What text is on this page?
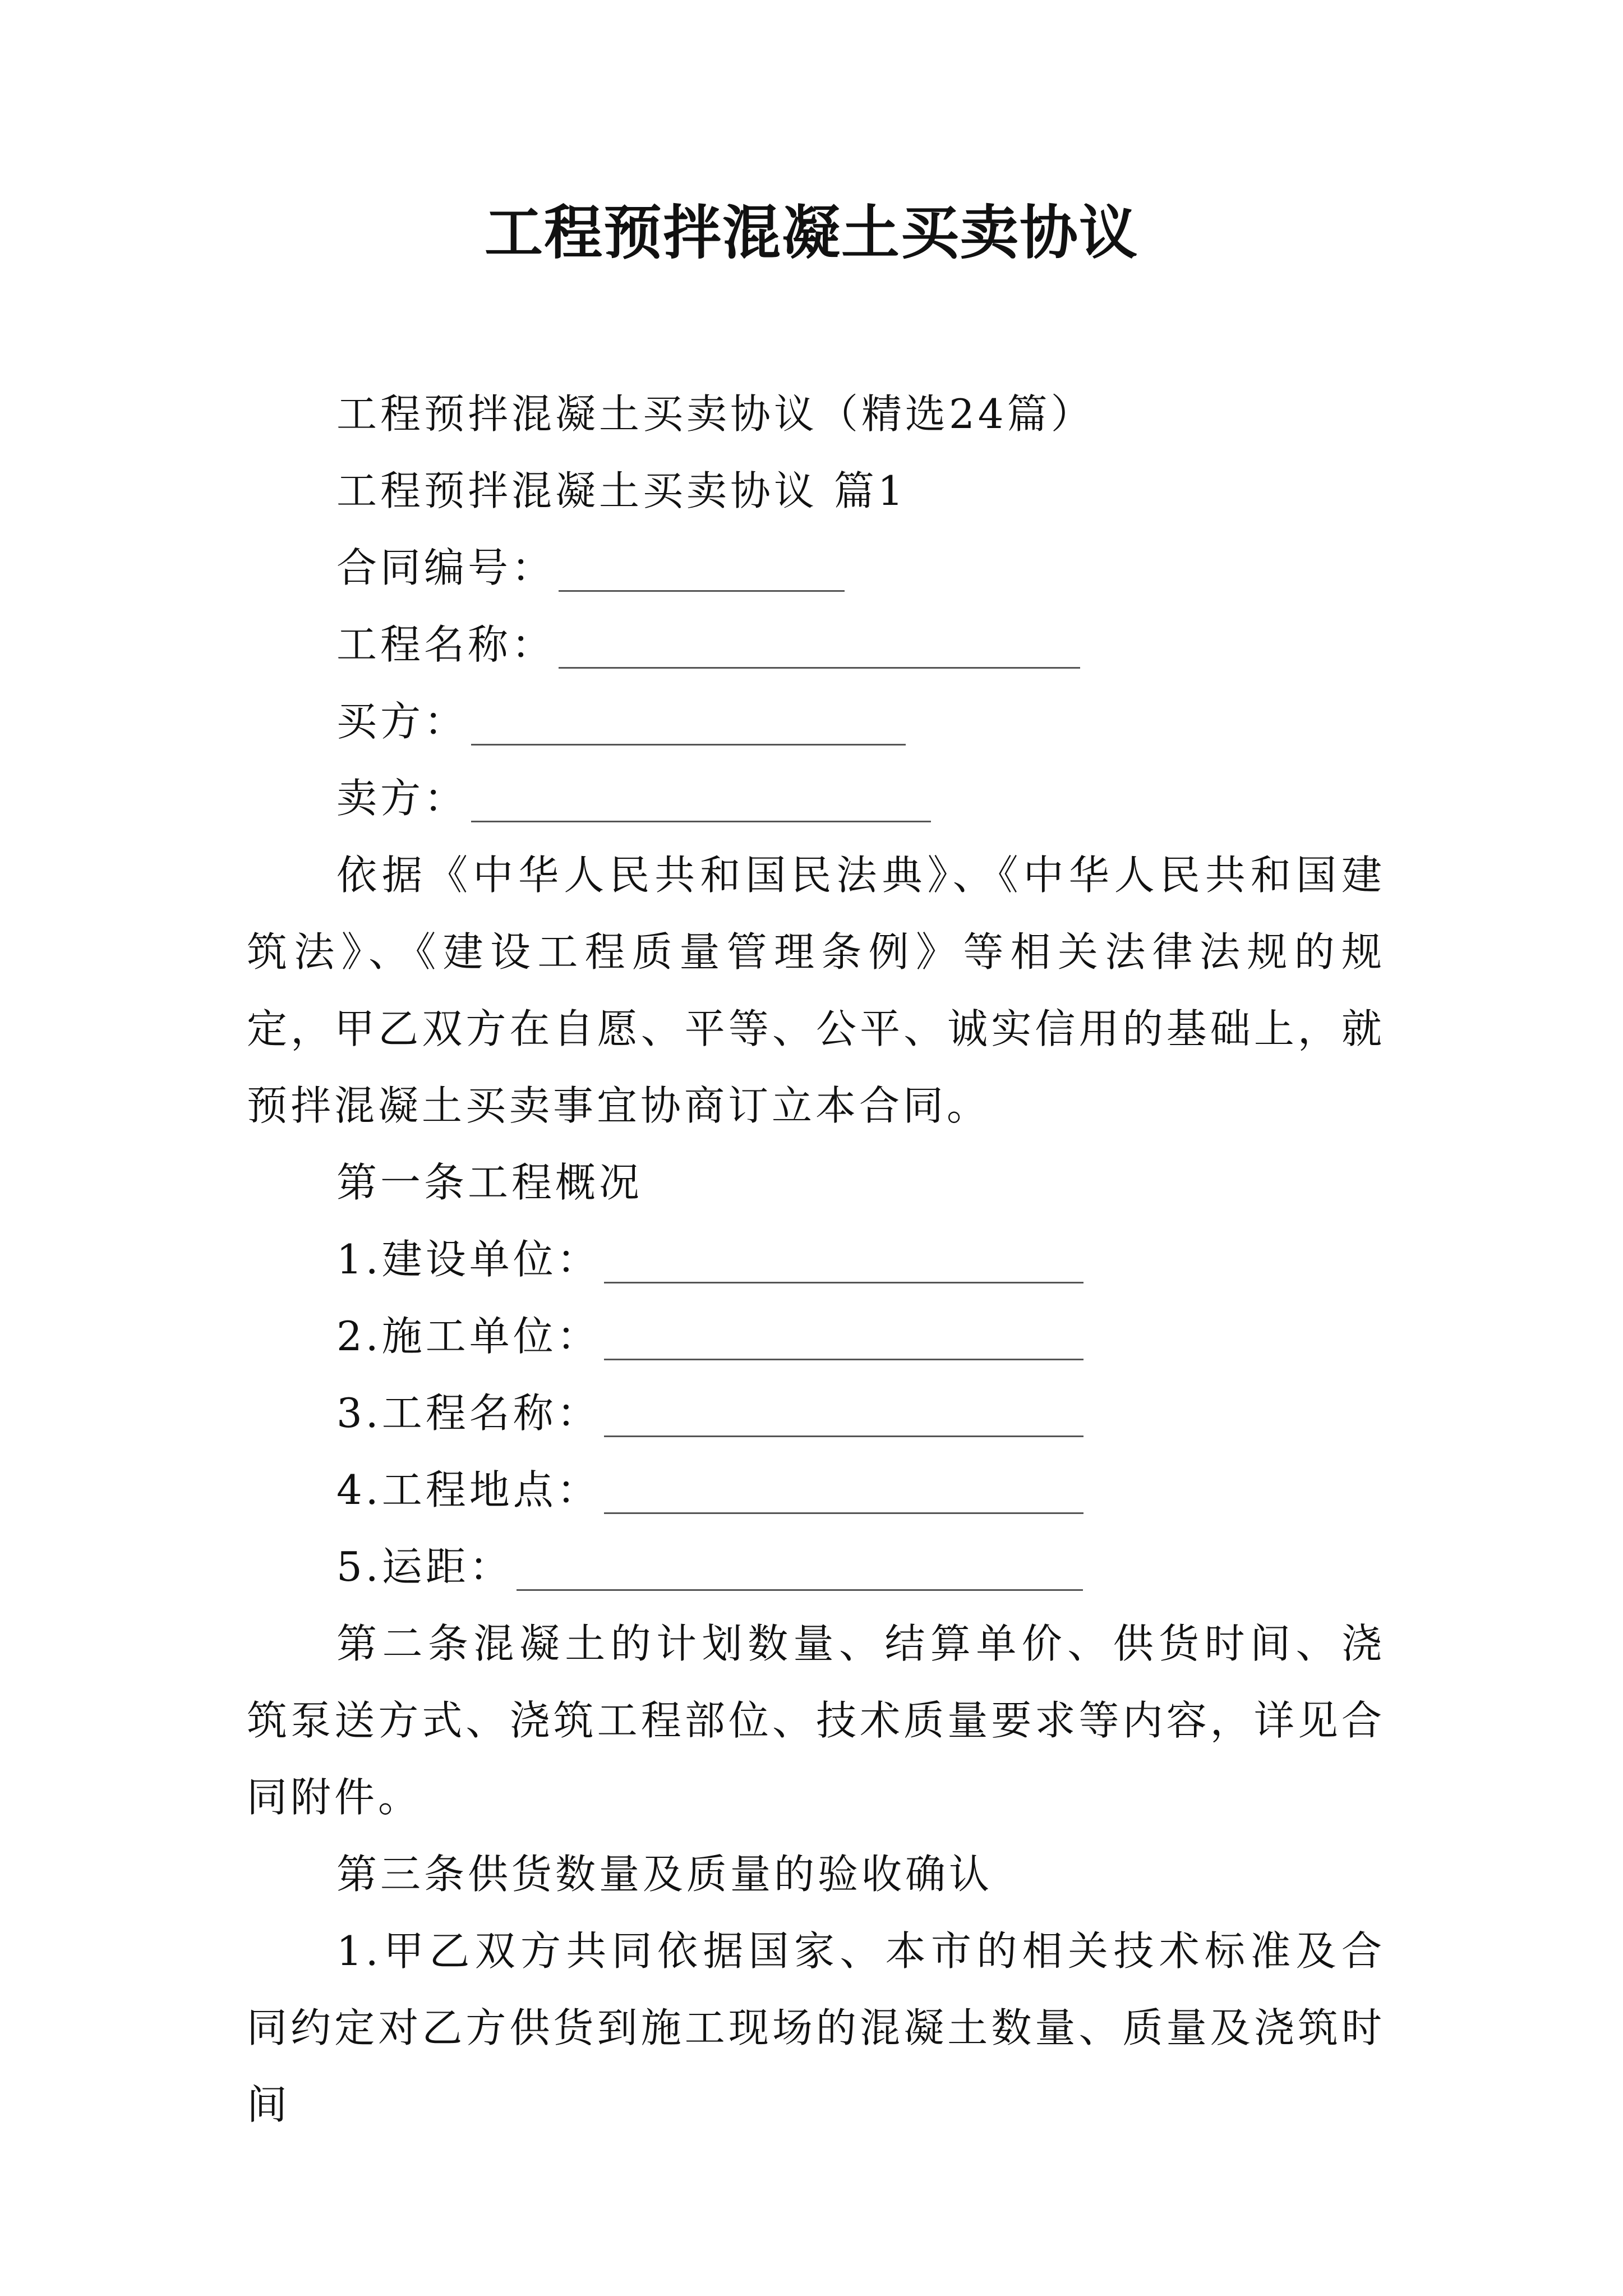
工程预拌混凝土买卖协议

工程预拌混凝土买卖协议（精选24篇）

工程预拌混凝土买卖协议 篇1

合同编号：
工程名称：
买方：
卖方：

依据《中华人民共和国民法典》、《中华人民共和国建筑法》、《建设工程质量管理条例》等相关法律法规的规定，甲乙双方在自愿、平等、公平、诚实信用的基础上，就预拌混凝土买卖事宜协商订立本合同。

第一条工程概况

1.建设单位：
2.施工单位：
3.工程名称：
4.工程地点：
5.运距：

第二条混凝土的计划数量、结算单价、供货时间、浇筑泵送方式、浇筑工程部位、技术质量要求等内容，详见合同附件。

第三条供货数量及质量的验收确认

1.甲乙双方共同依据国家、本市的相关技术标准及合同约定对乙方供货到施工现场的混凝土数量、质量及浇筑时间
